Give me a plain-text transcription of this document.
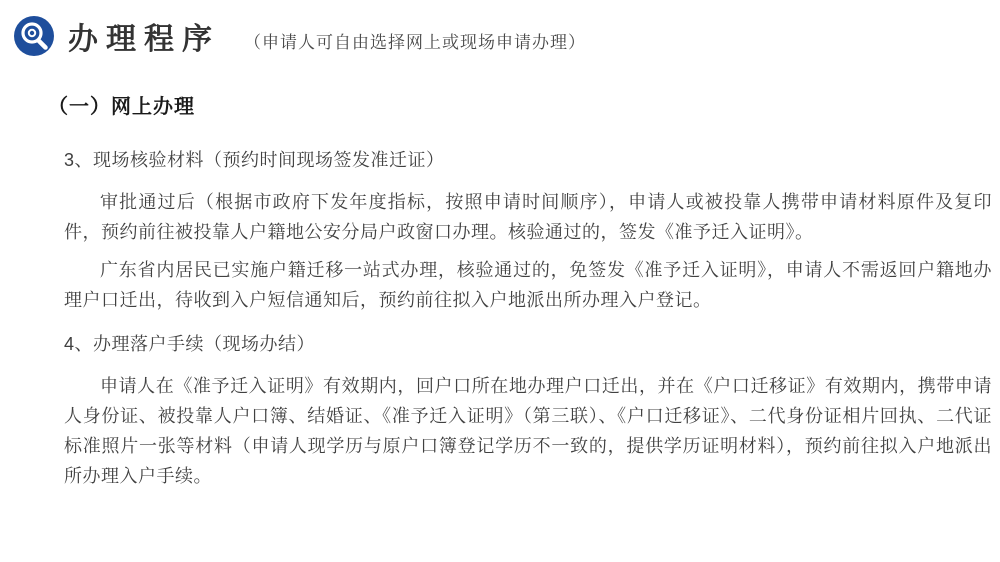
办理程序 （申请人可自由选择网上或现场申请办理）
（一）网上办理
3、现场核验材料（预约时间现场签发准迁证）

审批通过后（根据市政府下发年度指标，按照申请时间顺序），申请人或被投靠人携带申请材料原件及复印件，预约前往被投靠人户籍地公安分局户政窗口办理。核验通过的，签发《准予迁入证明》。

广东省内居民已实施户籍迁移一站式办理，核验通过的，免签发《准予迁入证明》，申请人不需返回户籍地办理户口迁出，待收到入户短信通知后，预约前往拟入户地派出所办理入户登记。

4、办理落户手续（现场办结）

申请人在《准予迁入证明》有效期内，回户口所在地办理户口迁出，并在《户口迁移证》有效期内，携带申请人身份证、被投靠人户口簿、结婚证、《准予迁入证明》（第三联）、《户口迁移证》、二代身份证相片回执、二代证标准照片一张等材料（申请人现学历与原户口簿登记学历不一致的，提供学历证明材料），预约前往拟入户地派出所办理入户手续。
